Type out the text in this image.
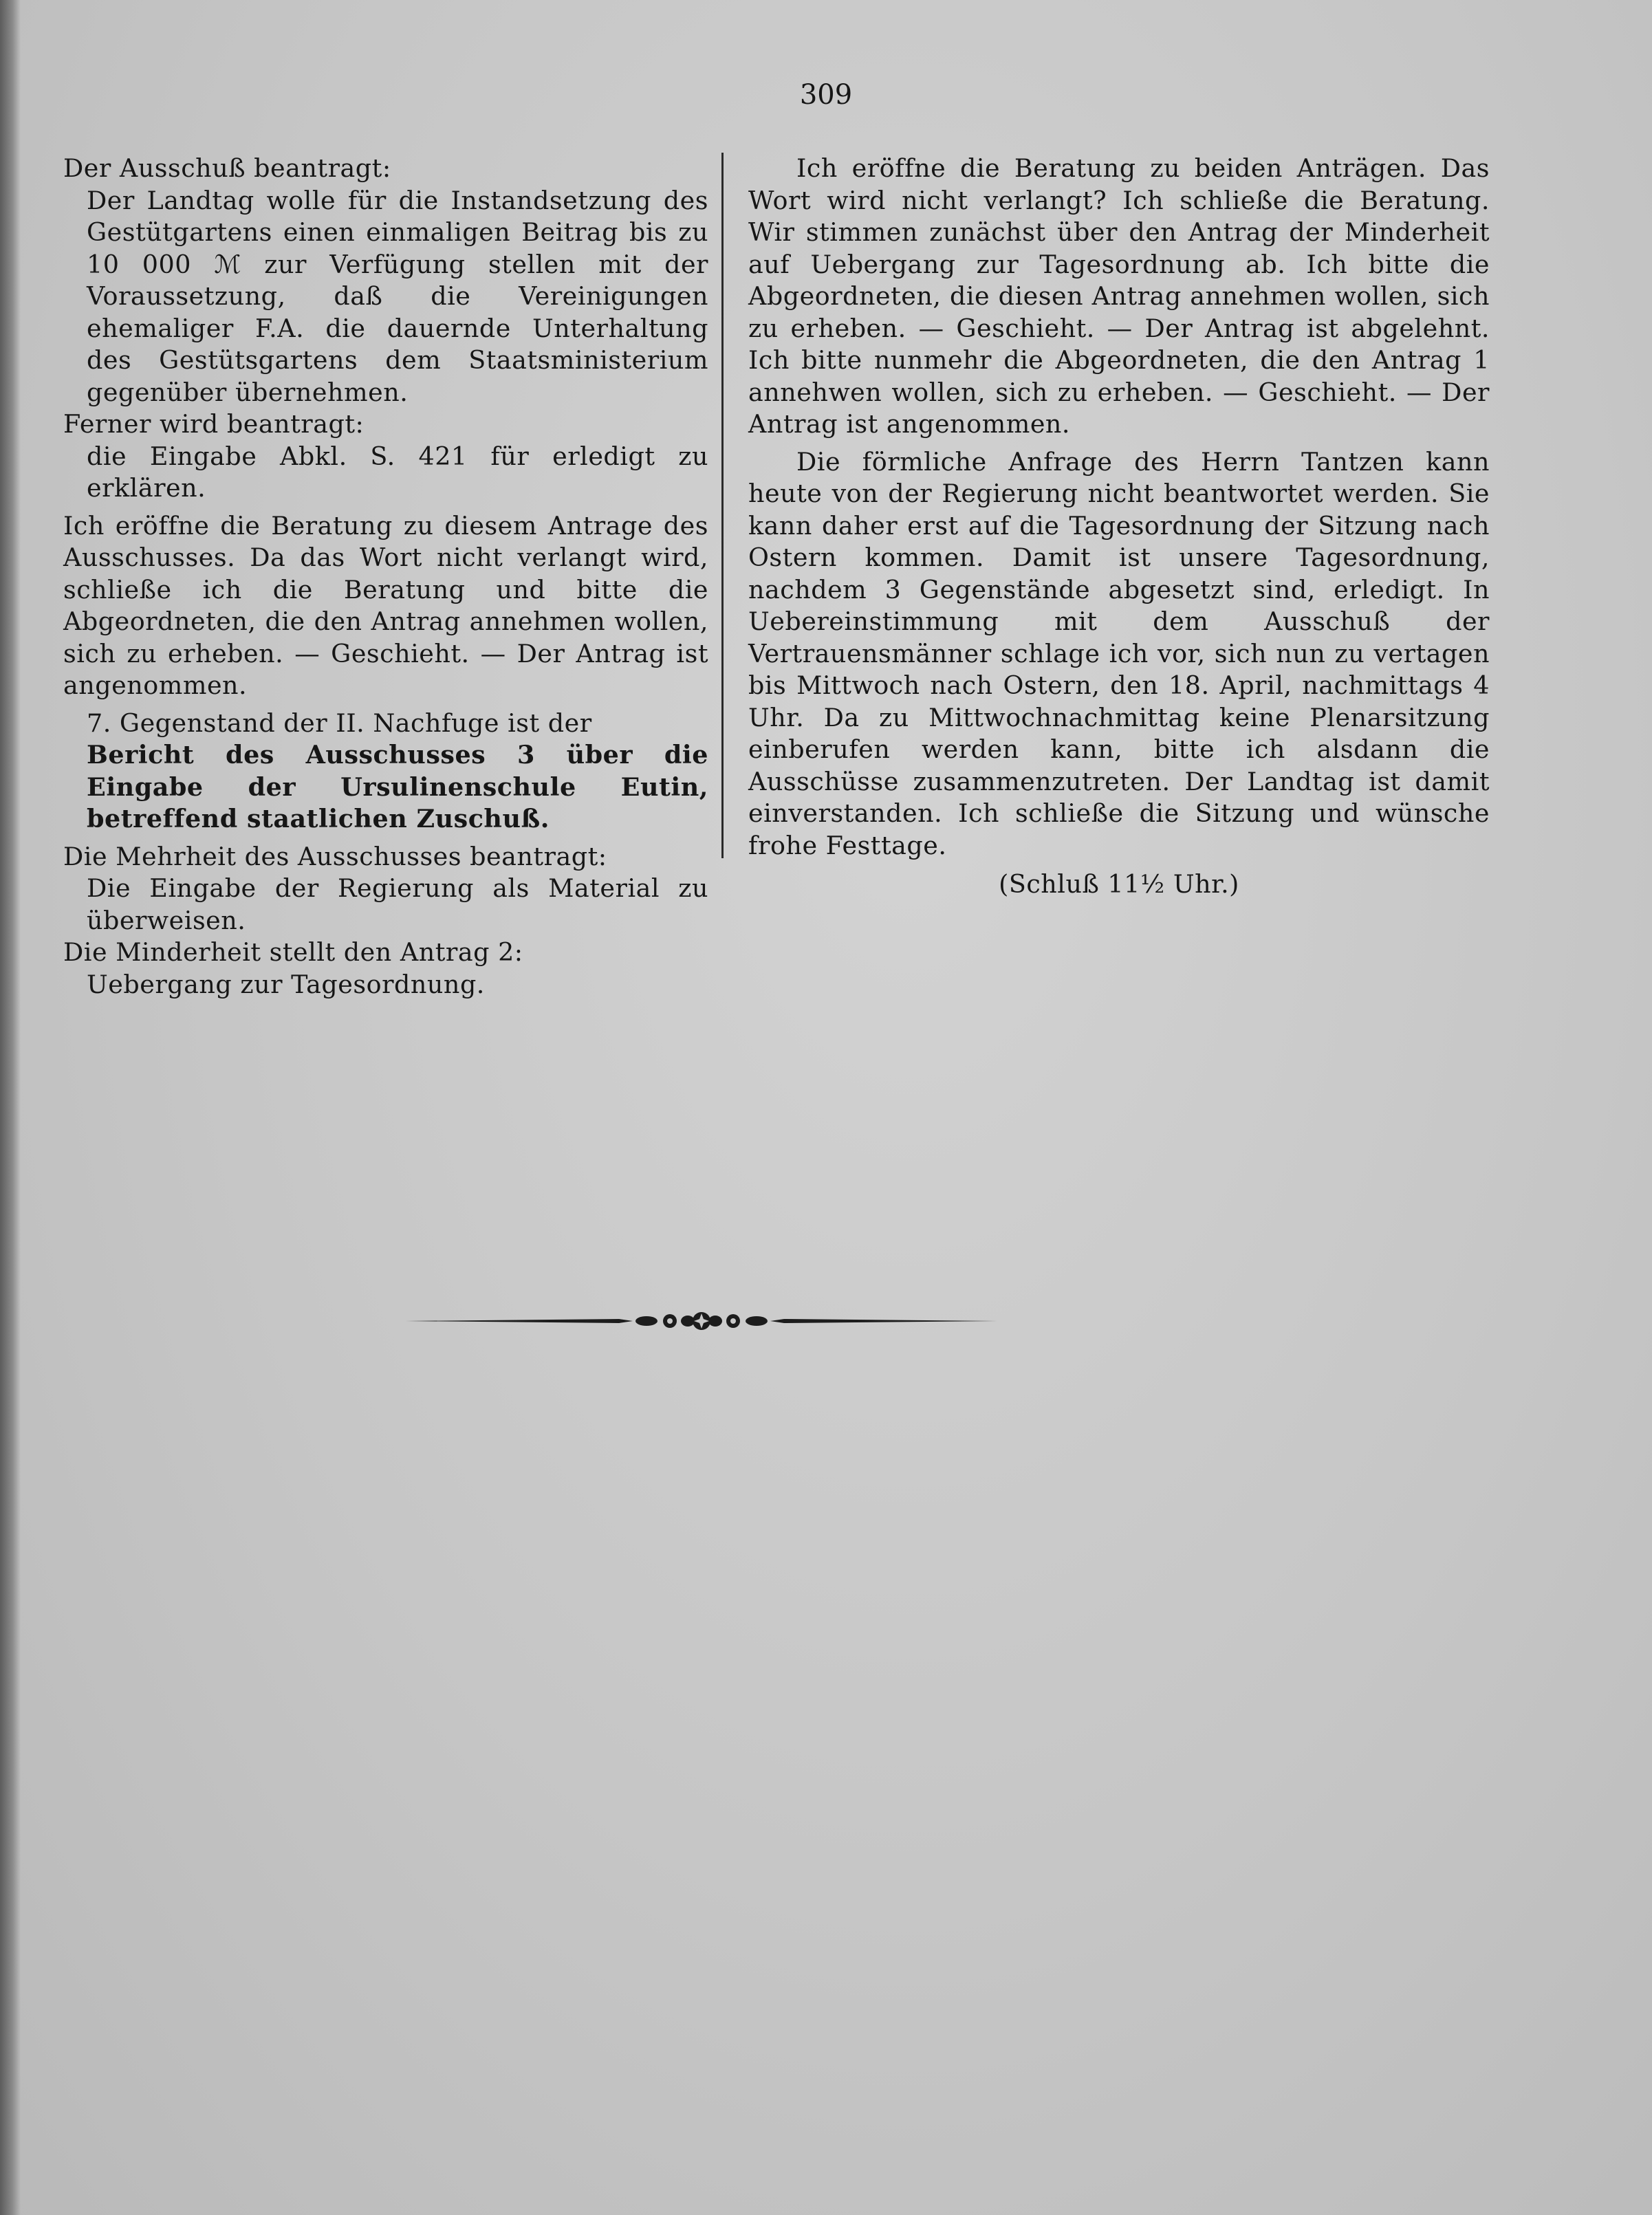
309

Der Ausschuß beantragt:

Der Landtag wolle für die Instandsetzung des Gestütgartens einen einmaligen Beitrag bis zu 10 000 ℳ zur Verfügung stellen mit der Voraussetzung, daß die Vereinigungen ehemaliger F.A. die dauernde Unterhaltung des Gestütsgartens dem Staatsministerium gegenüber übernehmen.

Ferner wird beantragt:

die Eingabe Abkl. S. 421 für erledigt zu erklären.

Ich eröffne die Beratung zu diesem Antrage des Ausschusses. Da das Wort nicht verlangt wird, schließe ich die Beratung und bitte die Abgeordneten, die den Antrag annehmen wollen, sich zu erheben. — Geschieht. — Der Antrag ist angenommen.

7. Gegenstand der II. Nachfuge ist der

Bericht des Ausschusses 3 über die Eingabe der Ursulinenschule Eutin, betreffend staatlichen Zuschuß.

Die Mehrheit des Ausschusses beantragt:

Die Eingabe der Regierung als Material zu überweisen.

Die Minderheit stellt den Antrag 2:

Uebergang zur Tagesordnung.

Ich eröffne die Beratung zu beiden Anträgen. Das Wort wird nicht verlangt? Ich schließe die Beratung. Wir stimmen zunächst über den Antrag der Minderheit auf Uebergang zur Tagesordnung ab. Ich bitte die Abgeordneten, die diesen Antrag annehmen wollen, sich zu erheben. — Geschieht. — Der Antrag ist abgelehnt. Ich bitte nunmehr die Abgeordneten, die den Antrag 1 annehwen wollen, sich zu erheben. — Geschieht. — Der Antrag ist angenommen.

Die förmliche Anfrage des Herrn Tantzen kann heute von der Regierung nicht beantwortet werden. Sie kann daher erst auf die Tagesordnung der Sitzung nach Ostern kommen. Damit ist unsere Tagesordnung, nachdem 3 Gegenstände abgesetzt sind, erledigt. In Uebereinstimmung mit dem Ausschuß der Vertrauensmänner schlage ich vor, sich nun zu vertagen bis Mittwoch nach Ostern, den 18. April, nachmittags 4 Uhr. Da zu Mittwochnachmittag keine Plenarsitzung einberufen werden kann, bitte ich alsdann die Ausschüsse zusammenzutreten. Der Landtag ist damit einverstanden. Ich schließe die Sitzung und wünsche frohe Festtage.

(Schluß 11½ Uhr.)
